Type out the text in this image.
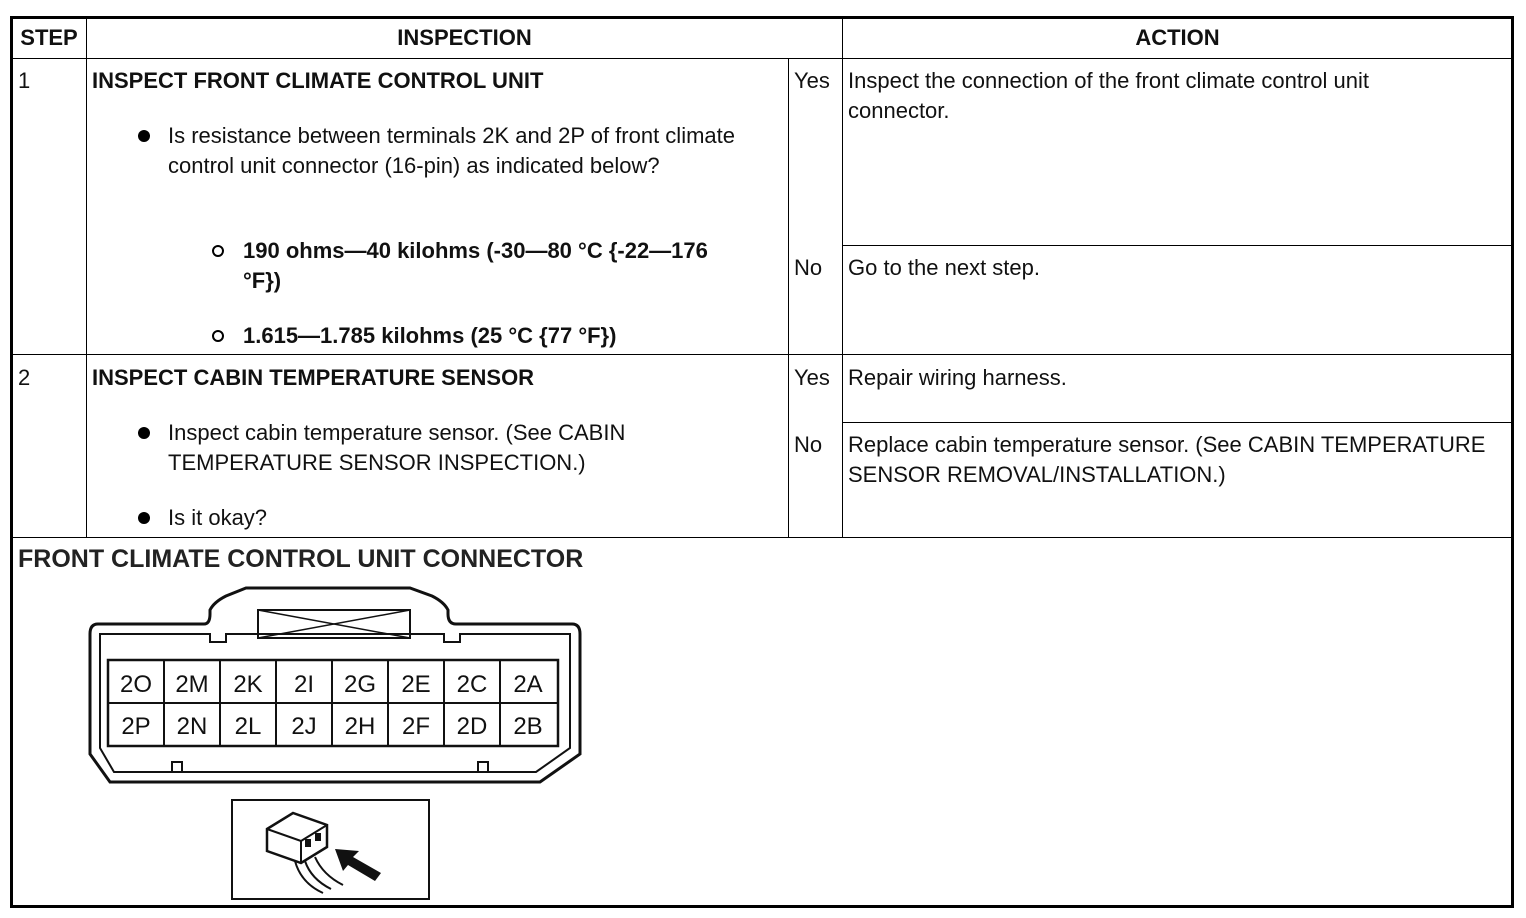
STEP	INSPECTION	ACTION
1	INSPECT FRONT CLIMATE CONTROL UNIT
Is resistance between terminals 2K and 2P of front climate control unit connector (16-pin) as indicated below?
190 ohms—40 kilohms (-30—80 °C {-22—176 °F})
1.615—1.785 kilohms (25 °C {77 °F})
Yes Inspect the connection of the front climate control unit connector.
No Go to the next step.
2	INSPECT CABIN TEMPERATURE SENSOR
Inspect cabin temperature sensor. (See CABIN TEMPERATURE SENSOR INSPECTION.)
Is it okay?
Yes Repair wiring harness.
No Replace cabin temperature sensor. (See CABIN TEMPERATURE SENSOR REMOVAL/INSTALLATION.)
FRONT CLIMATE CONTROL UNIT CONNECTOR
2O 2M 2K 2I 2G 2E 2C 2A
2P 2N 2L 2J 2H 2F 2D 2B
